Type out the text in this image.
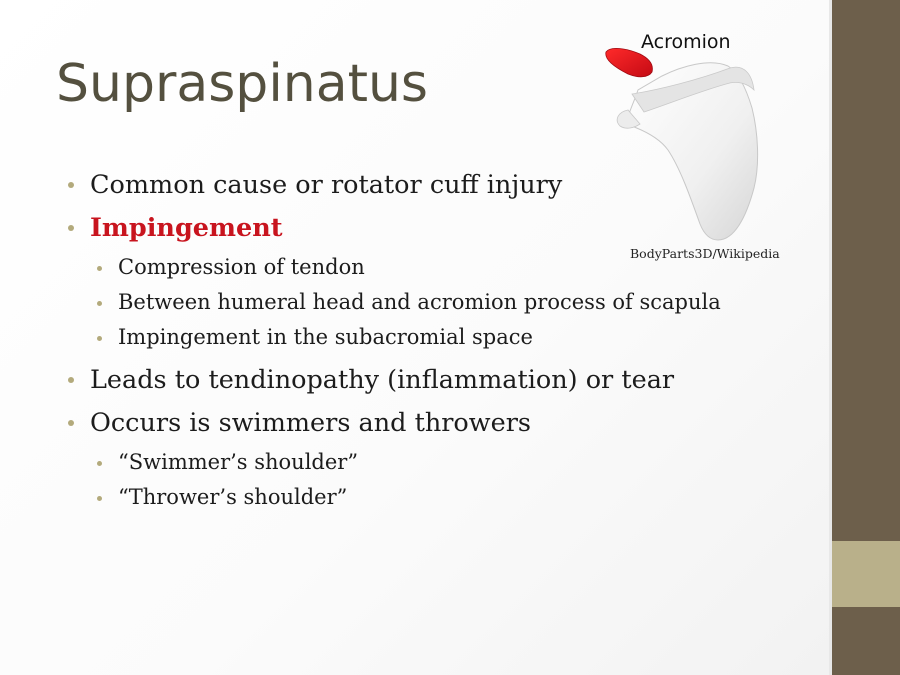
Supraspinatus
Acromion
BodyParts3D/Wikipedia
Common cause or rotator cuff injury
Impingement
Compression of tendon
Between humeral head and acromion process of scapula
Impingement in the subacromial space
Leads to tendinopathy (inflammation) or tear
Occurs is swimmers and throwers
“Swimmer’s shoulder”
“Thrower’s shoulder”
